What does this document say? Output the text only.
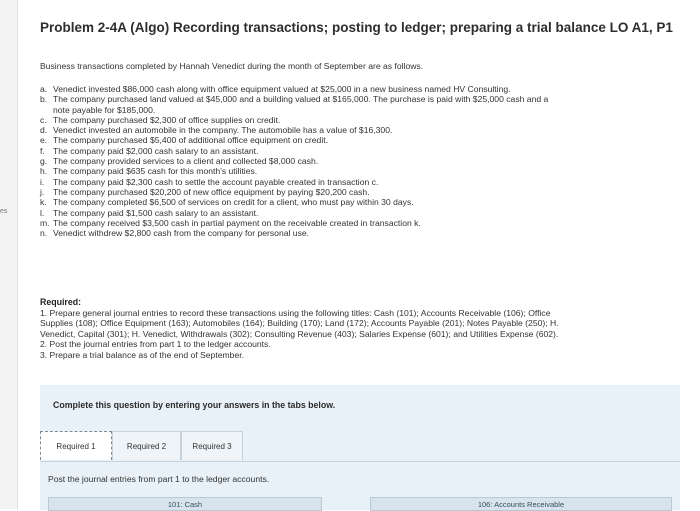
es
Problem 2-4A (Algo) Recording transactions; posting to ledger; preparing a trial balance LO A1, P1
Business transactions completed by Hannah Venedict during the month of September are as follows.
a. Venedict invested $86,000 cash along with office equipment valued at $25,000 in a new business named HV Consulting.
b. The company purchased land valued at $45,000 and a building valued at $165,000. The purchase is paid with $25,000 cash and a
note payable for $185,000.
c. The company purchased $2,300 of office supplies on credit.
d. Venedict invested an automobile in the company. The automobile has a value of $16,300.
e. The company purchased $5,400 of additional office equipment on credit.
f. The company paid $2,000 cash salary to an assistant.
g. The company provided services to a client and collected $8,000 cash.
h. The company paid $635 cash for this month's utilities.
i.	The company paid $2,300 cash to settle the account payable created in transaction c.
j.	The company purchased $20,200 of new office equipment by paying $20,200 cash.
k. The company completed $6,500 of services on credit for a client, who must pay within 30 days.
l.	The company paid $1,500 cash salary to an assistant.
m. The company received $3,500 cash in partial payment on the receivable created in transaction k.
n. Venedict withdrew $2,800 cash from the company for personal use.
Required:
1. Prepare general journal entries to record these transactions using the following titles: Cash (101); Accounts Receivable (106); Office
Supplies (108); Office Equipment (163); Automobiles (164); Building (170); Land (172); Accounts Payable (201); Notes Payable (250); H.
Venedict, Capital (301); H. Venedict, Withdrawals (302); Consulting Revenue (403); Salaries Expense (601); and Utilities Expense (602).
2. Post the journal entries from part 1 to the ledger accounts.
3. Prepare a trial balance as of the end of September.
Complete this question by entering your answers in the tabs below.
Required 1	Required 2	Required 3
Post the journal entries from part 1 to the ledger accounts.
101: Cash	106: Accounts Receivable
